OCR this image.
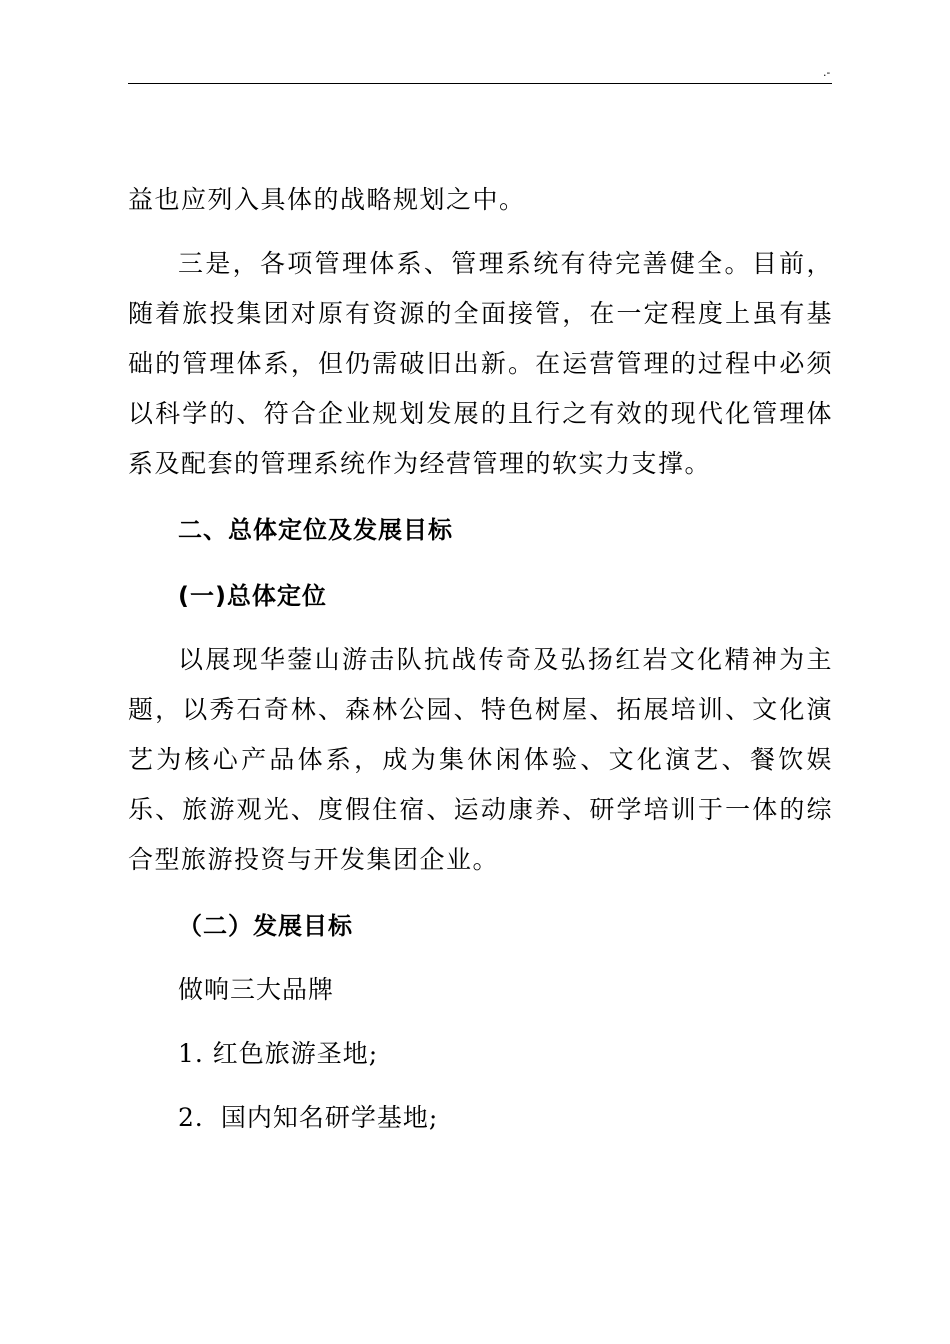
.-

益也应列入具体的战略规划之中。

三是，各项管理体系、管理系统有待完善健全。目前，随着旅投集团对原有资源的全面接管，在一定程度上虽有基础的管理体系，但仍需破旧出新。在运营管理的过程中必须以科学的、符合企业规划发展的且行之有效的现代化管理体系及配套的管理系统作为经营管理的软实力支撑。

二、总体定位及发展目标

(一)总体定位

以展现华蓥山游击队抗战传奇及弘扬红岩文化精神为主题，以秀石奇林、森林公园、特色树屋、拓展培训、文化演艺为核心产品体系，成为集休闲体验、文化演艺、餐饮娱乐、旅游观光、度假住宿、运动康养、研学培训于一体的综合型旅游投资与开发集团企业。

（二）发展目标

做响三大品牌

1. 红色旅游圣地;

2．国内知名研学基地;
